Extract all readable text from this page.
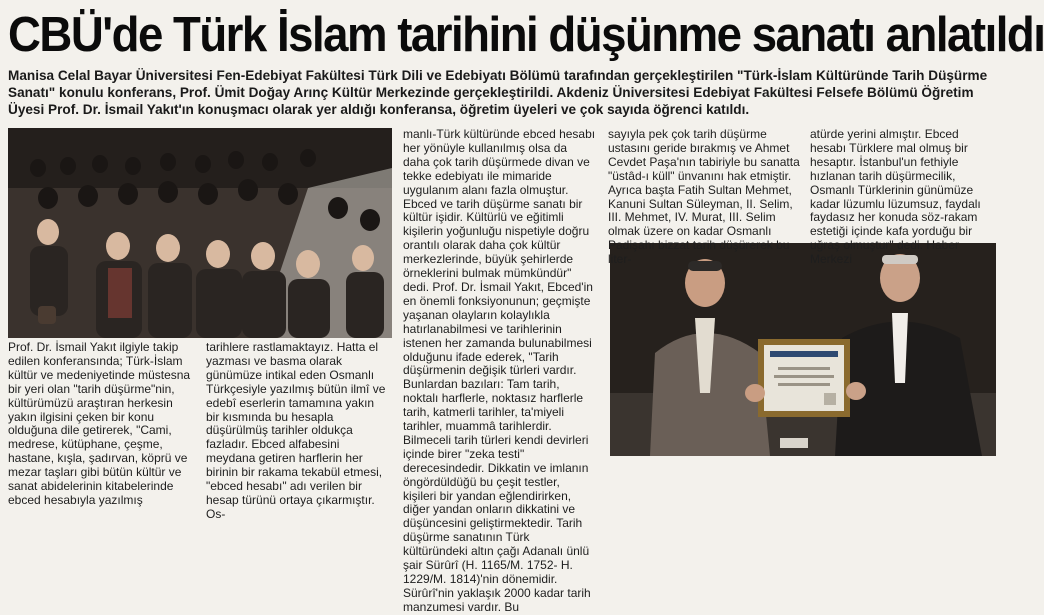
CBÜ'de Türk İslam tarihini düşünme sanatı anlatıldı
Manisa Celal Bayar Üniversitesi Fen-Edebiyat Fakültesi Türk Dili ve Edebiyatı Bölümü tarafından gerçekleştirilen "Türk-İslam Kültüründe Tarih Düşürme Sanatı" konulu konferans, Prof. Ümit Doğay Arınç Kültür Merkezinde gerçekleştirildi. Akdeniz Üniversitesi Edebiyat Fakültesi Felsefe Bölümü Öğretim Üyesi Prof. Dr. İsmail Yakıt'ın konuşmacı olarak yer aldığı konferansa, öğretim üyeleri ve çok sayıda öğrenci katıldı.

Prof. Dr. İsmail Yakıt ilgiyle takip edilen konferansında; Türk-İslam kültür ve medeniyetinde müstesna bir yeri olan "tarih düşürme"nin, kültürümüzü araştıran herkesin yakın ilgisini çeken bir konu olduğuna dile getirerek, "Cami, medrese, kütüphane, çeşme, hastane, kışla, şadırvan, köprü ve mezar taşları gibi bütün kültür ve sanat abidelerinin kitabelerinde ebced hesabıyla yazılmış

tarihlere rastlamaktayız. Hatta el yazması ve basma olarak günümüze intikal eden Osmanlı Türkçesiyle yazılmış bütün ilmî ve edebî eserlerin tamamına yakın bir kısmında bu hesapla düşürülmüş tarihler oldukça fazladır. Ebced alfabesini meydana getiren harflerin her birinin bir rakama tekabül etmesi, "ebced hesabı" adı verilen bir hesap türünü ortaya çıkarmıştır. Os-

manlı-Türk kültüründe ebced hesabı her yönüyle kullanılmış olsa da daha çok tarih düşürmede divan ve tekke edebiyatı ile mimaride uygulanım alanı fazla olmuştur. Ebced ve tarih düşürme sanatı bir kültür işidir. Kültürlü ve eğitimli kişilerin yoğunluğu nispetiyle doğru orantılı olarak daha çok kültür merkezlerinde, büyük şehirlerde örneklerini bulmak mümkündür" dedi. Prof. Dr. İsmail Yakıt, Ebced'in en önemli fonksiyonunun; geçmişte yaşanan olayların kolaylıkla hatırlanabilmesi ve tarihlerinin istenen her zamanda bulunabilmesi olduğunu ifade ederek, "Tarih düşürmenin değişik türleri vardır. Bunlardan bazıları: Tam tarih, noktalı harflerle, noktasız harflerle tarih, katmerli tarihler, ta'miyeli tarihler, muammâ tarihlerdir. Bilmeceli tarih türleri kendi devirleri içinde birer "zeka testi" derecesindedir. Dikkatin ve imlanın öngördüldüğü bu çeşit testler, kişileri bir yandan eğlendirirken, diğer yandan onların dikkatini ve düşüncesini geliştirmektedir. Tarih düşürme sanatının Türk kültüründeki altın çağı Adanalı ünlü şair Sürûrî (H. 1165/M. 1752- H. 1229/M. 1814)'nin dönemidir. Sürûrî'nin yaklaşık 2000 kadar tarih manzumesi vardır. Bu

sayıyla pek çok tarih düşürme ustasını geride bırakmış ve Ahmet Cevdet Paşa'nın tabiriyle bu sanatta "üstâd-ı küll" ünvanını hak etmiştir. Ayrıca başta Fatih Sultan Mehmet, Kanuni Sultan Süleyman, II. Selim, III. Mehmet, IV. Murat, III. Selim olmak üzere on kadar Osmanlı Padişahı bizzat tarih düşürerek bu liter-

atürde yerini almıştır. Ebced hesabı Türklere mal olmuş bir hesaptır. İstanbul'un fethiyle hızlanan tarih düşürmecilik, Osmanlı Türklerinin günümüze kadar lüzumlu lüzumsuz, faydalı faydasız her konuda söz-rakam estetiği içinde kafa yorduğu bir uğraş olmuştur" dedi. Haber Merkezi
